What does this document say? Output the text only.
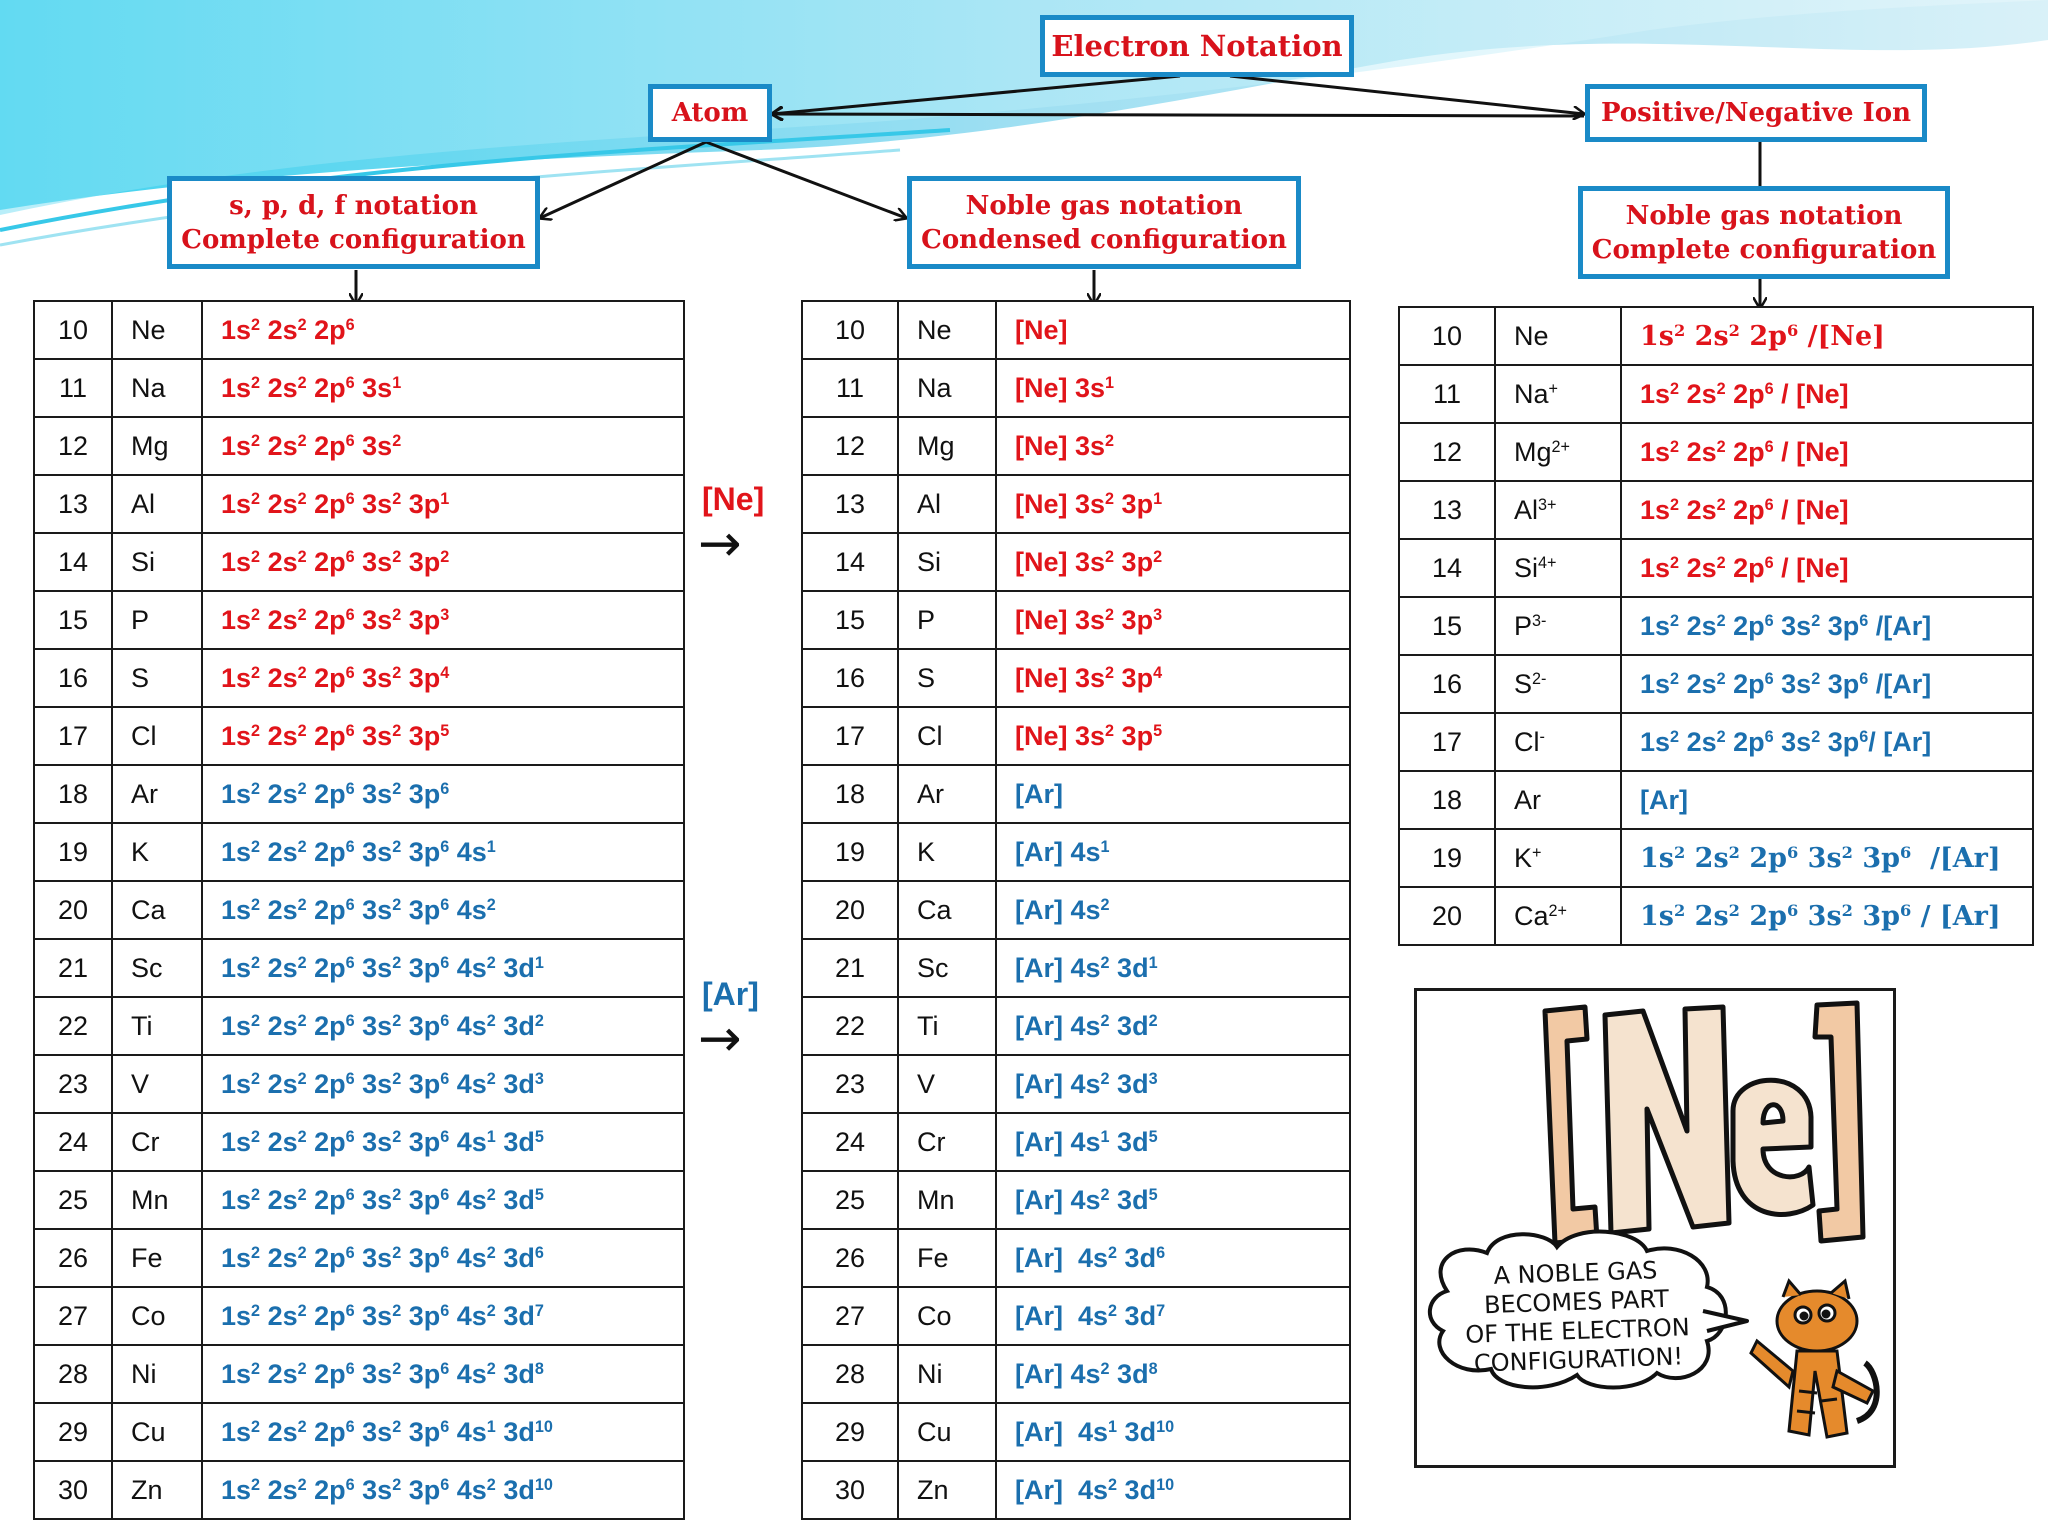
Electron Notation
Atom	Positive/Negative Ion
s, p, d, f notation
Complete configuration
Noble gas notation
Condensed configuration
Noble gas notation
Complete configuration
10	Ne	$1s^2$ $2s^2$ $2p^6$
11	Na	$1s^2$ $2s^2$ $2p^6$ $3s^1$
12	Mg	$1s^2$ $2s^2$ $2p^6$ $3s^2$
13	Al	$1s^2$ $2s^2$ $2p^6$ $3s^2$ $3p^1$
14	Si	$1s^2$ $2s^2$ $2p^6$ $3s^2$ $3p^2$
15	P	$1s^2$ $2s^2$ $2p^6$ $3s^2$ $3p^3$
16	S	$1s^2$ $2s^2$ $2p^6$ $3s^2$ $3p^4$
17	Cl	$1s^2$ $2s^2$ $2p^6$ $3s^2$ $3p^5$
18	Ar	$1s^2$ $2s^2$ $2p^6$ $3s^2$ $3p^6$
19	K	$1s^2$ $2s^2$ $2p^6$ $3s^2$ $3p^6$ $4s^1$
20	Ca	$1s^2$ $2s^2$ $2p^6$ $3s^2$ $3p^6$ $4s^2$
21	Sc	$1s^2$ $2s^2$ $2p^6$ $3s^2$ $3p^6$ $4s^2$ $3d^1$
22	Ti	$1s^2$ $2s^2$ $2p^6$ $3s^2$ $3p^6$ $4s^2$ $3d^2$
23	V	$1s^2$ $2s^2$ $2p^6$ $3s^2$ $3p^6$ $4s^2$ $3d^3$
24	Cr	$1s^2$ $2s^2$ $2p^6$ $3s^2$ $3p^6$ $4s^1$ $3d^5$
25	Mn	$1s^2$ $2s^2$ $2p^6$ $3s^2$ $3p^6$ $4s^2$ $3d^5$
26	Fe	$1s^2$ $2s^2$ $2p^6$ $3s^2$ $3p^6$ $4s^2$ $3d^6$
27	Co	$1s^2$ $2s^2$ $2p^6$ $3s^2$ $3p^6$ $4s^2$ $3d^7$
28	Ni	$1s^2$ $2s^2$ $2p^6$ $3s^2$ $3p^6$ $4s^2$ $3d^8$
29	Cu	$1s^2$ $2s^2$ $2p^6$ $3s^2$ $3p^6$ $4s^1$ $3d^{10}$
30	Zn	$1s^2$ $2s^2$ $2p^6$ $3s^2$ $3p^6$ $4s^2$ $3d^{10}$
10	Ne	[Ne]
11	Na	[Ne] $3s^1$
12	Mg	[Ne] $3s^2$
13	Al	[Ne] $3s^2$ $3p^1$
14	Si	[Ne] $3s^2$ $3p^2$
15	P	[Ne] $3s^2$ $3p^3$
16	S	[Ne] $3s^2$ $3p^4$
17	Cl	[Ne] $3s^2$ $3p^5$
18	Ar	[Ar]
19	K	[Ar] $4s^1$
20	Ca	[Ar] $4s^2$
21	Sc	[Ar] $4s^2$ $3d^1$
22	Ti	[Ar] $4s^2$ $3d^2$
23	V	[Ar] $4s^2$ $3d^3$
24	Cr	[Ar] $4s^1$ $3d^5$
25	Mn	[Ar] $4s^2$ $3d^5$
26	Fe	[Ar]  $4s^2$ $3d^6$
27	Co	[Ar]  $4s^2$ $3d^7$
28	Ni	[Ar] $4s^2$ $3d^8$
29	Cu	[Ar]  $4s^1$ $3d^{10}$
30	Zn	[Ar]  $4s^2$ $3d^{10}$
10	Ne	$1s^2$ $2s^2$ $2p^6$ /[Ne]
11	Na+	$1s^2$ $2s^2$ $2p^6 / [Ne]$
12	$Mg^{2+}$	$1s^2$ $2s^2$ $2p^6 / [Ne]$
13	$Al^{3+}$	$1s^2$ $2s^2$ $2p^6 / [Ne]$
14	$Si^{4+}$	$1s^2$ $2s^2$ $2p^6 / [Ne]$
15	$P^{3-}$	$1s^2$ $2s^2$ $2p^6$ $3s^2$ $3p^6$ /[Ar]
16	$S^{2-}$	$1s^2$ $2s^2$ $2p^6$ $3s^2$ $3p^6$ /[Ar]
17	Cl-	$1s^2$ $2s^2$ $2p^6$ $3s^2$ $3p^6/$ [Ar]
18	Ar	[Ar]
19	K+	$1s^2$ $2s^2$ $2p^6$ $3s^2$ $3p^6$  /[Ar]
20	$Ca^{2+}$	$1s^2$ $2s^2$ $2p^6$ $3s^2$ $3p^6 / [Ar]$
[Ne]
→
[Ar]
→
A NOBLE GAS
BECOMES PART
OF THE ELECTRON
CONFIGURATION!
